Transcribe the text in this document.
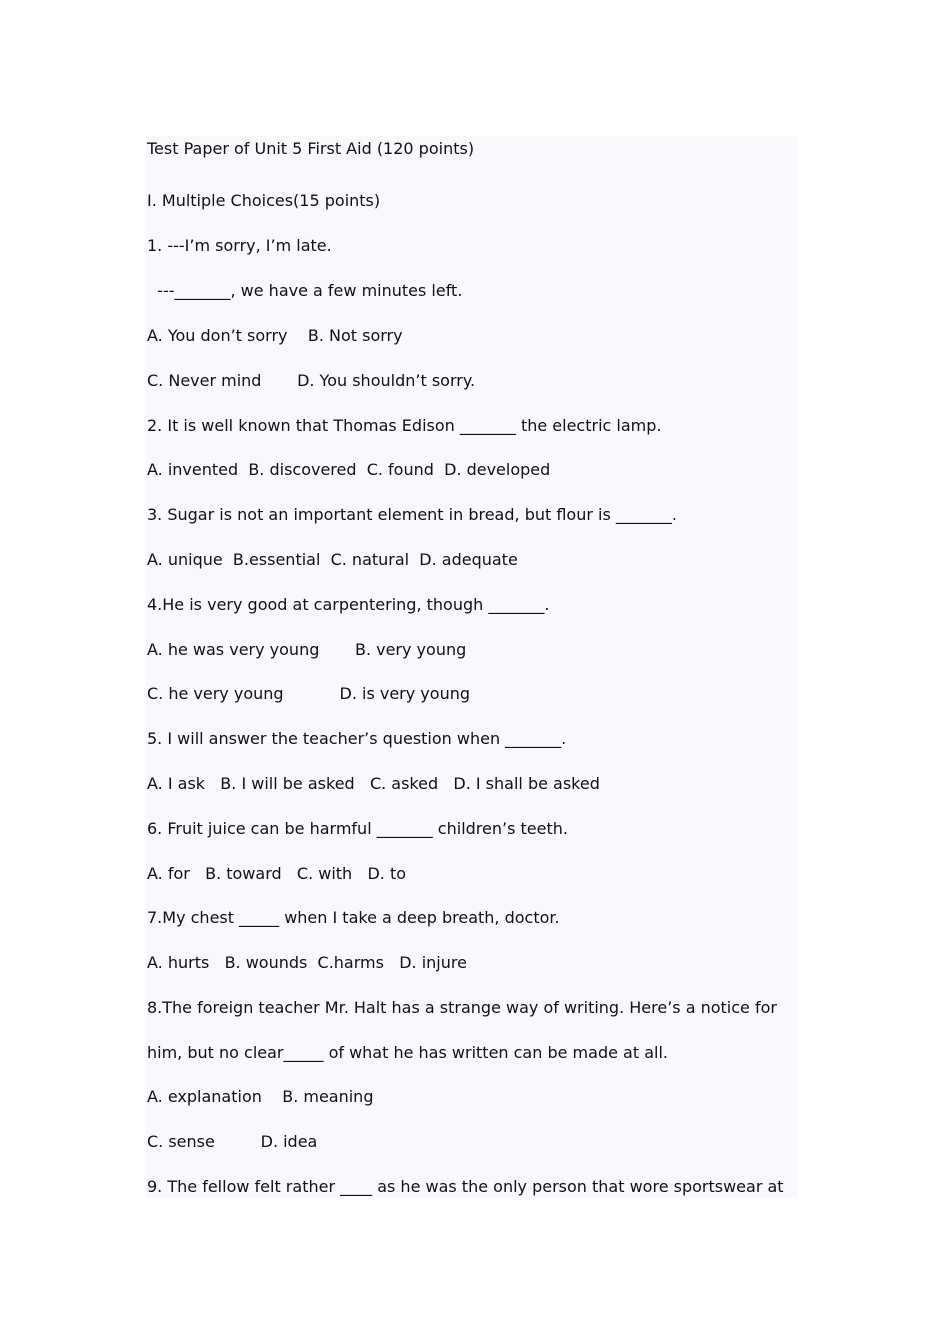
Test Paper of Unit 5 First Aid (120 points)

I. Multiple Choices(15 points)

1. ---I’m sorry, I’m late.

---_______, we have a few minutes left.

A. You don’t sorry    B. Not sorry

C. Never mind       D. You shouldn’t sorry.

2. It is well known that Thomas Edison _______ the electric lamp.

A. invented  B. discovered  C. found  D. developed

3. Sugar is not an important element in bread, but flour is _______.

A. unique  B.essential  C. natural  D. adequate

4.He is very good at carpentering, though _______.

A. he was very young       B. very young

C. he very young           D. is very young

5. I will answer the teacher’s question when _______.

A. I ask   B. I will be asked   C. asked   D. I shall be asked

6. Fruit juice can be harmful _______ children’s teeth.

A. for   B. toward   C. with   D. to

7.My chest _____ when I take a deep breath, doctor.

A. hurts   B. wounds  C.harms   D. injure

8.The foreign teacher Mr. Halt has a strange way of writing. Here’s a notice for

him, but no clear_____ of what he has written can be made at all.

A. explanation    B. meaning

C. sense         D. idea

9. The fellow felt rather ____ as he was the only person that wore sportswear at
